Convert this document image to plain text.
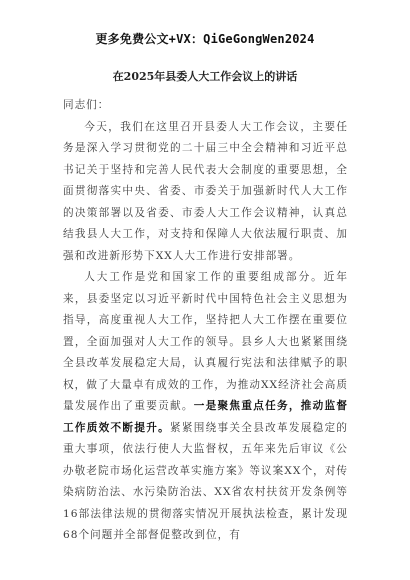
更多免费公文+VX：QiGeGongWen2024
在2025年县委人大工作会议上的讲话

同志们：

今天，我们在这里召开县委人大工作会议，主要任务是深入学习贯彻党的二十届三中全会精神和习近平总书记关于坚持和完善人民代表大会制度的重要思想，全面贯彻落实中央、省委、市委关于加强新时代人大工作的决策部署以及省委、市委人大工作会议精神，认真总结我县人大工作，对支持和保障人大依法履行职责、加强和改进新形势下XX人大工作进行安排部署。

人大工作是党和国家工作的重要组成部分。近年来，县委坚定以习近平新时代中国特色社会主义思想为指导，高度重视人大工作，坚持把人大工作摆在重要位置，全面加强对人大工作的领导。县乡人大也紧紧围绕全县改革发展稳定大局，认真履行宪法和法律赋予的职权，做了大量卓有成效的工作，为推动XX经济社会高质量发展作出了重要贡献。一是聚焦重点任务，推动监督工作质效不断提升。紧紧围绕事关全县改革发展稳定的重大事项，依法行使人大监督权，五年来先后审议《公办敬老院市场化运营改革实施方案》等议案XX个，对传染病防治法、水污染防治法、XX省农村扶贫开发条例等16部法律法规的贯彻落实情况开展执法检查，累计发现68个问题并全部督促整改到位，有
